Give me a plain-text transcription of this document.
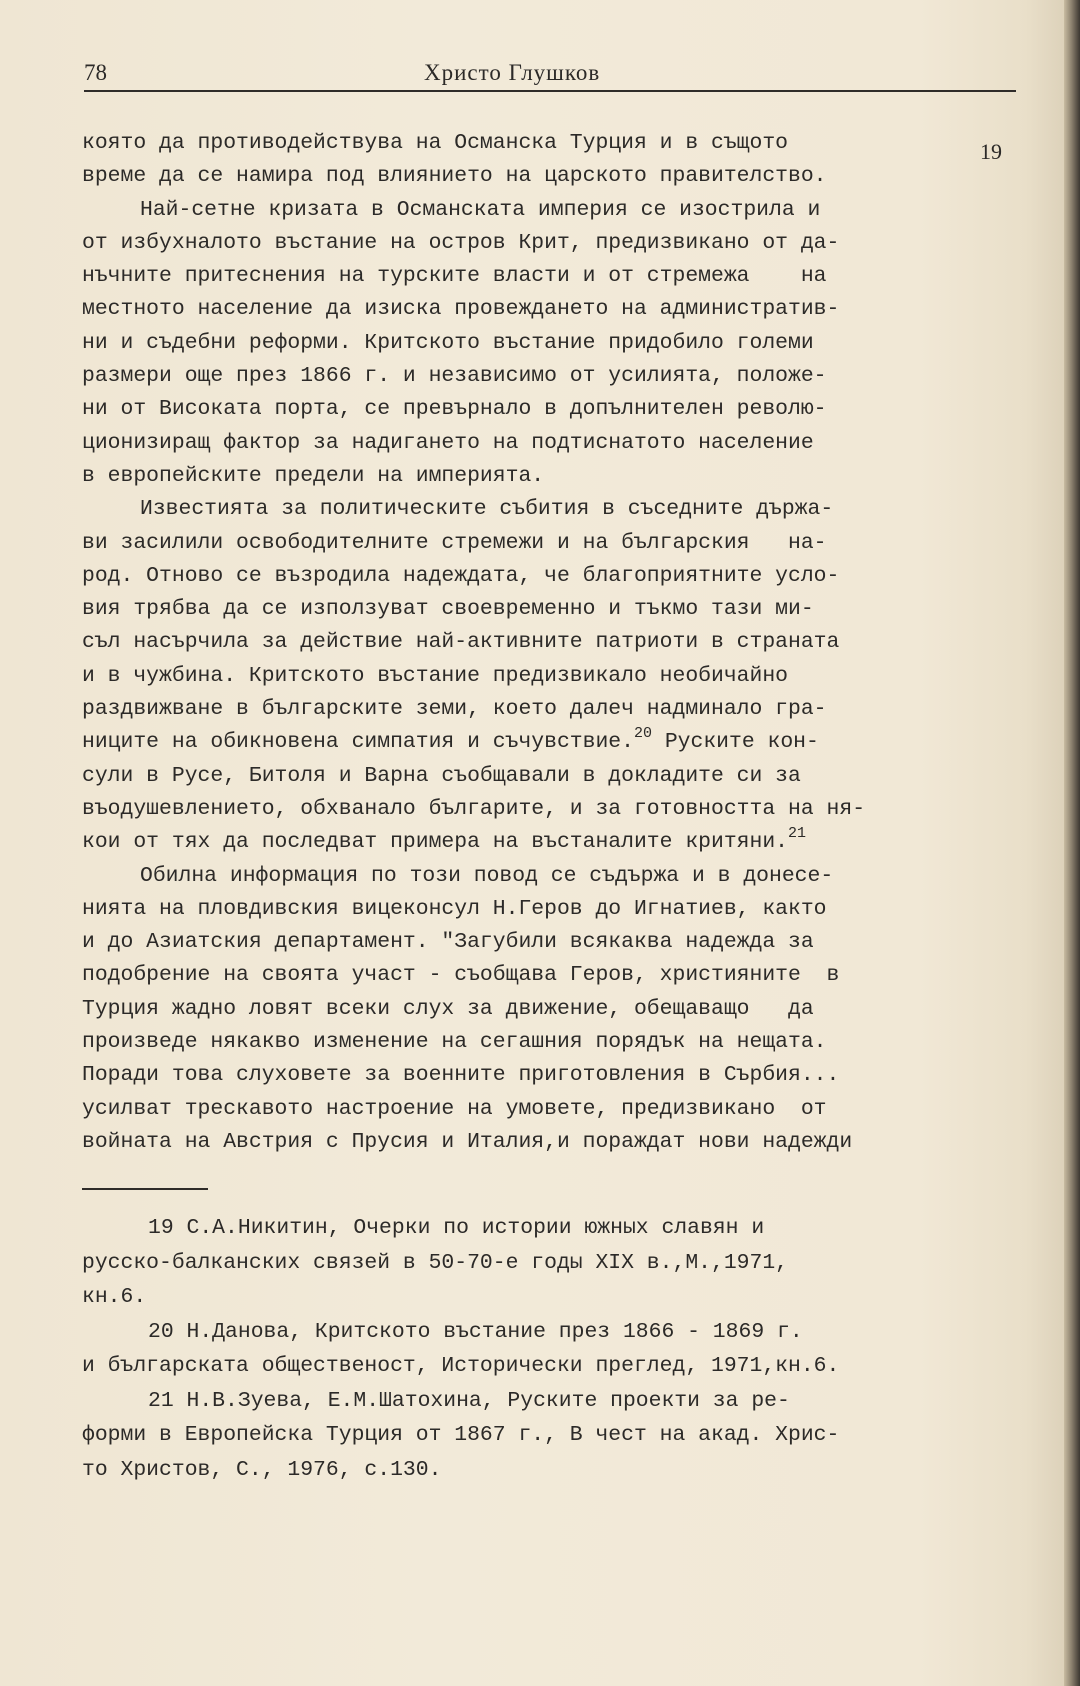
78	Христо Глушков
19
която да противодействува на Османска Турция и в същото
време да се намира под влиянието на царското правителство.
Най-сетне кризата в Османската империя се изострила и
от избухналото въстание на остров Крит, предизвикано от да-
нъчните притеснения на турските власти и от стремежа    на
местното население да изиска провеждането на административ-
ни и съдебни реформи. Критското въстание придобило големи
размери още през 1866 г. и независимо от усилията, положе-
ни от Високата порта, се превърнало в допълнителен револю-
ционизиращ фактор за надигането на подтиснатото население
в европейските предели на империята.
Известията за политическите събития в съседните държа-
ви засилили освободителните стремежи и на българския   на-
род. Отново се възродила надеждата, че благоприятните усло-
вия трябва да се използуват своевременно и тъкмо тази ми-
съл насърчила за действие най-активните патриоти в страната
и в чужбина. Критското въстание предизвикало необичайно
раздвижване в българските земи, което далеч надминало гра-
ниците на обикновена симпатия и съчувствие.$^{20}$ Руските кон-
сули в Русе, Битоля и Варна съобщавали в докладите си за
въодушевлението, обхванало българите, и за готовността на ня-
кои от тях да последват примера на въстаналите критяни.$^{21}$
Обилна информация по този повод се съдържа и в донесе-
нията на пловдивския вицеконсул Н.Геров до Игнатиев, както
и до Азиатския департамент. "Загубили всякаква надежда за
подобрение на своята участ - съобщава Геров, християните  в
Турция жадно ловят всеки слух за движение, обещаващо   да
произведе някакво изменение на сегашния порядък на нещата.
Поради това слуховете за военните приготовления в Сърбия...
усилват трескавото настроение на умовете, предизвикано  от
войната на Австрия с Прусия и Италия,и пораждат нови надежди
19 С.А.Никитин, Очерки по истории южных славян и
русско-балканских связей в 50-70-е годы XIX в.,М.,1971,
кн.6.
20 Н.Данова, Критското въстание през 1866 - 1869 г.
и българската общественост, Исторически преглед, 1971,кн.6.
21 Н.В.Зуева, Е.М.Шатохина, Руските проекти за ре-
форми в Европейска Турция от 1867 г., В чест на акад. Хрис-
то Христов, С., 1976, с.130.
